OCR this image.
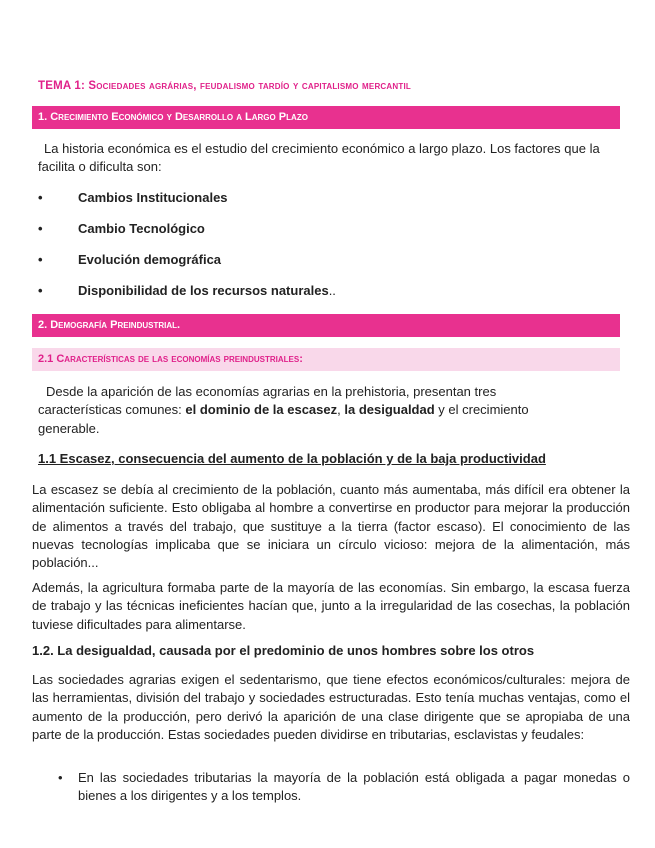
TEMA 1: Sociedades agrárias, feudalismo tardío y capitalismo mercantil
1. Crecimiento Económico y Desarrollo a Largo Plazo
La historia económica es el estudio del crecimiento económico a largo plazo. Los factores que la facilita o dificulta son:
•	Cambios Institucionales
•	Cambio Tecnológico
•	Evolución demográfica
•	Disponibilidad de los recursos naturales..
2. Demografía Preindustrial.
2.1 Características de las economías preindustriales:
Desde la aparición de las economías agrarias en la prehistoria, presentan tres características comunes: el dominio de la escasez, la desigualdad y el crecimiento generable.
1.1 Escasez, consecuencia del aumento de la población y de la baja productividad
La escasez se debía al crecimiento de la población, cuanto más aumentaba, más difícil era obtener la alimentación suficiente. Esto obligaba al hombre a convertirse en productor para mejorar la producción de alimentos a través del trabajo, que sustituye a la tierra (factor escaso). El conocimiento de las nuevas tecnologías implicaba que se iniciara un círculo vicioso: mejora de la alimentación, más población...
Además, la agricultura formaba parte de la mayoría de las economías. Sin embargo, la escasa fuerza de trabajo y las técnicas ineficientes hacían que, junto a la irregularidad de las cosechas, la población tuviese dificultades para alimentarse.
1.2. La desigualdad, causada por el predominio de unos hombres sobre los otros
Las sociedades agrarias exigen el sedentarismo, que tiene efectos económicos/culturales: mejora de las herramientas, división del trabajo y sociedades estructuradas. Esto tenía muchas ventajas, como el aumento de la producción, pero derivó la aparición de una clase dirigente que se apropiaba de una parte de la producción. Estas sociedades pueden dividirse en tributarias, esclavistas y feudales:
•	En las sociedades tributarias la mayoría de la población está obligada a pagar monedas o bienes a los dirigentes y a los templos.
